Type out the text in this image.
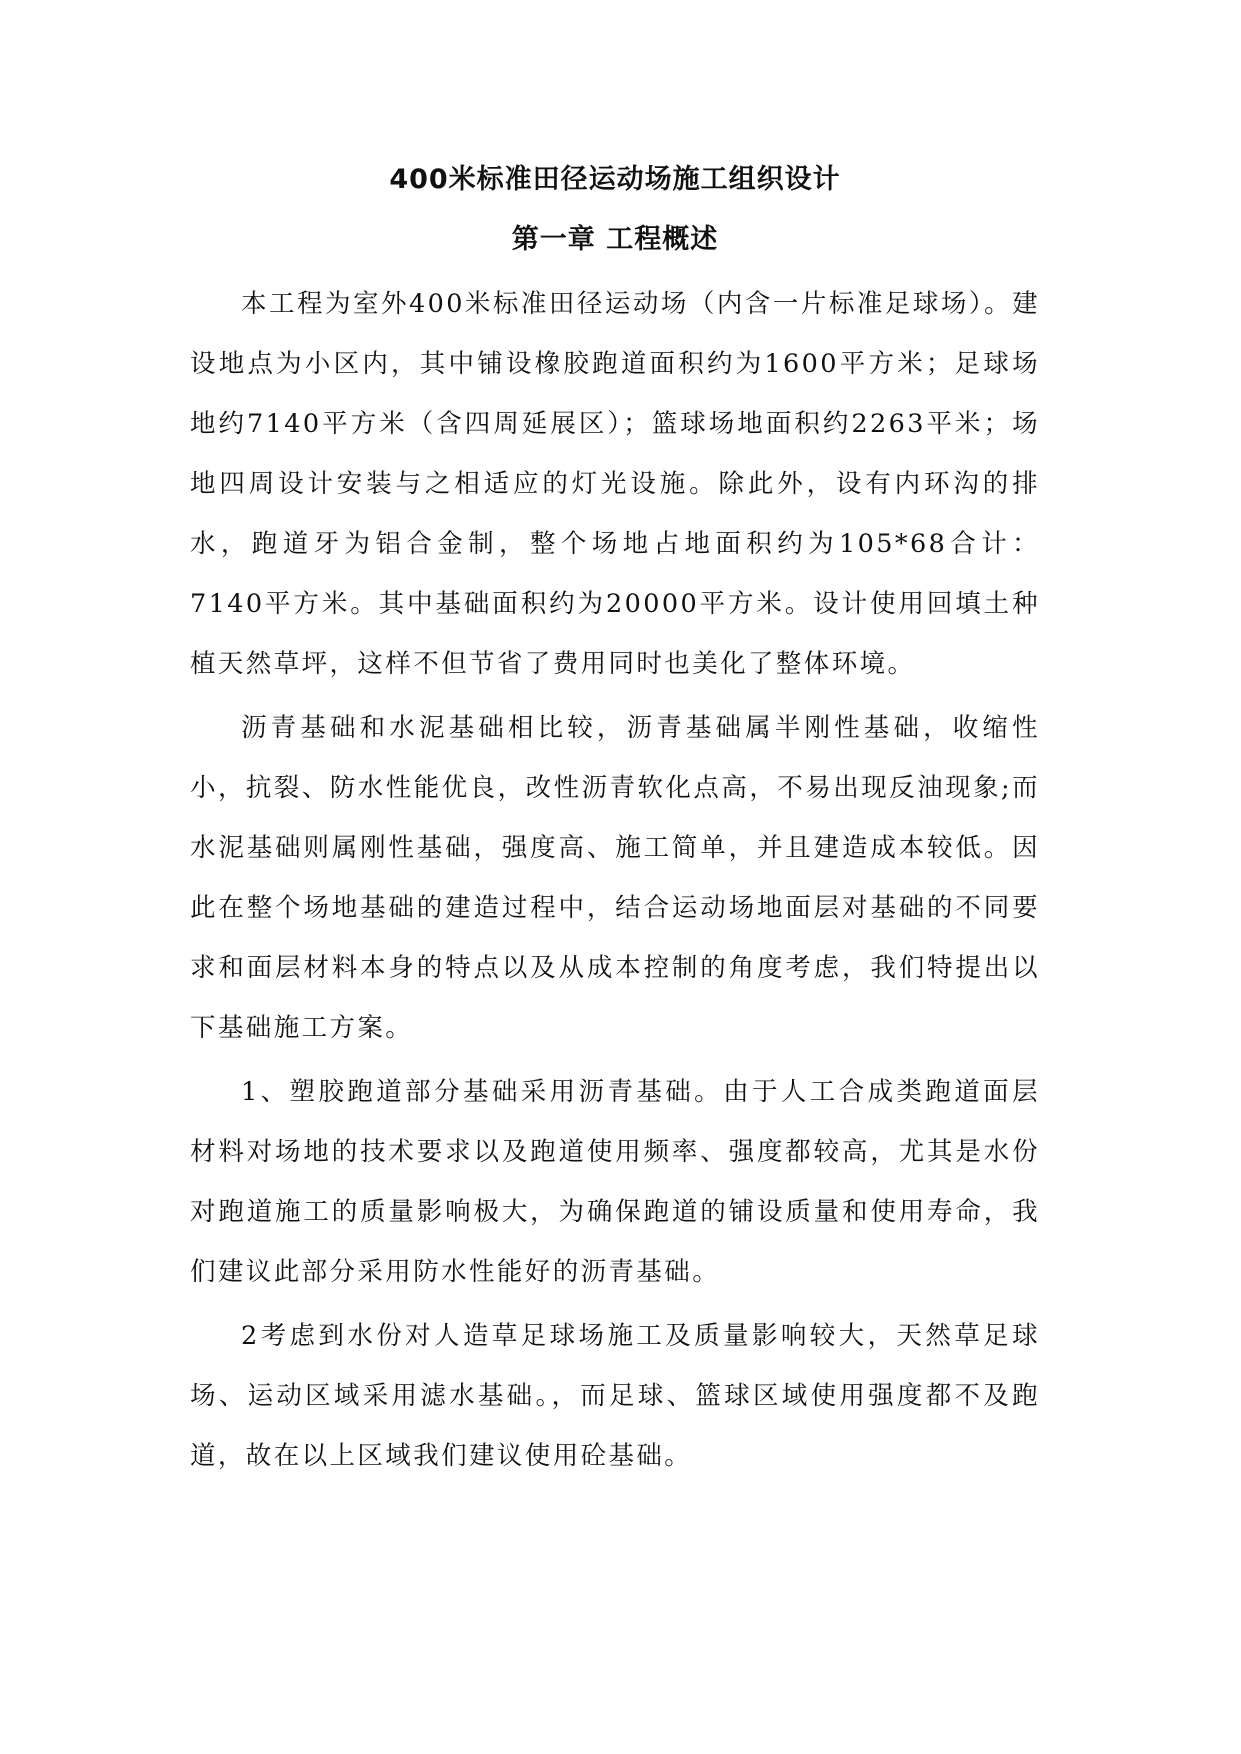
400米标准田径运动场施工组织设计
第一章 工程概述

本工程为室外400米标准田径运动场（内含一片标准足球场）。建设地点为小区内，其中铺设橡胶跑道面积约为1600平方米；足球场地约7140平方米（含四周延展区）；篮球场地面积约2263平米；场地四周设计安装与之相适应的灯光设施。除此外，设有内环沟的排水，跑道牙为铝合金制，整个场地占地面积约为105*68合计：7140平方米。其中基础面积约为20000平方米。设计使用回填土种植天然草坪，这样不但节省了费用同时也美化了整体环境。

沥青基础和水泥基础相比较，沥青基础属半刚性基础，收缩性小，抗裂、防水性能优良，改性沥青软化点高，不易出现反油现象;而水泥基础则属刚性基础，强度高、施工简单，并且建造成本较低。因此在整个场地基础的建造过程中，结合运动场地面层对基础的不同要求和面层材料本身的特点以及从成本控制的角度考虑，我们特提出以下基础施工方案。

1、塑胶跑道部分基础采用沥青基础。由于人工合成类跑道面层材料对场地的技术要求以及跑道使用频率、强度都较高，尤其是水份对跑道施工的质量影响极大，为确保跑道的铺设质量和使用寿命，我们建议此部分采用防水性能好的沥青基础。

2考虑到水份对人造草足球场施工及质量影响较大，天然草足球场、运动区域采用滤水基础。，而足球、篮球区域使用强度都不及跑道，故在以上区域我们建议使用砼基础。
